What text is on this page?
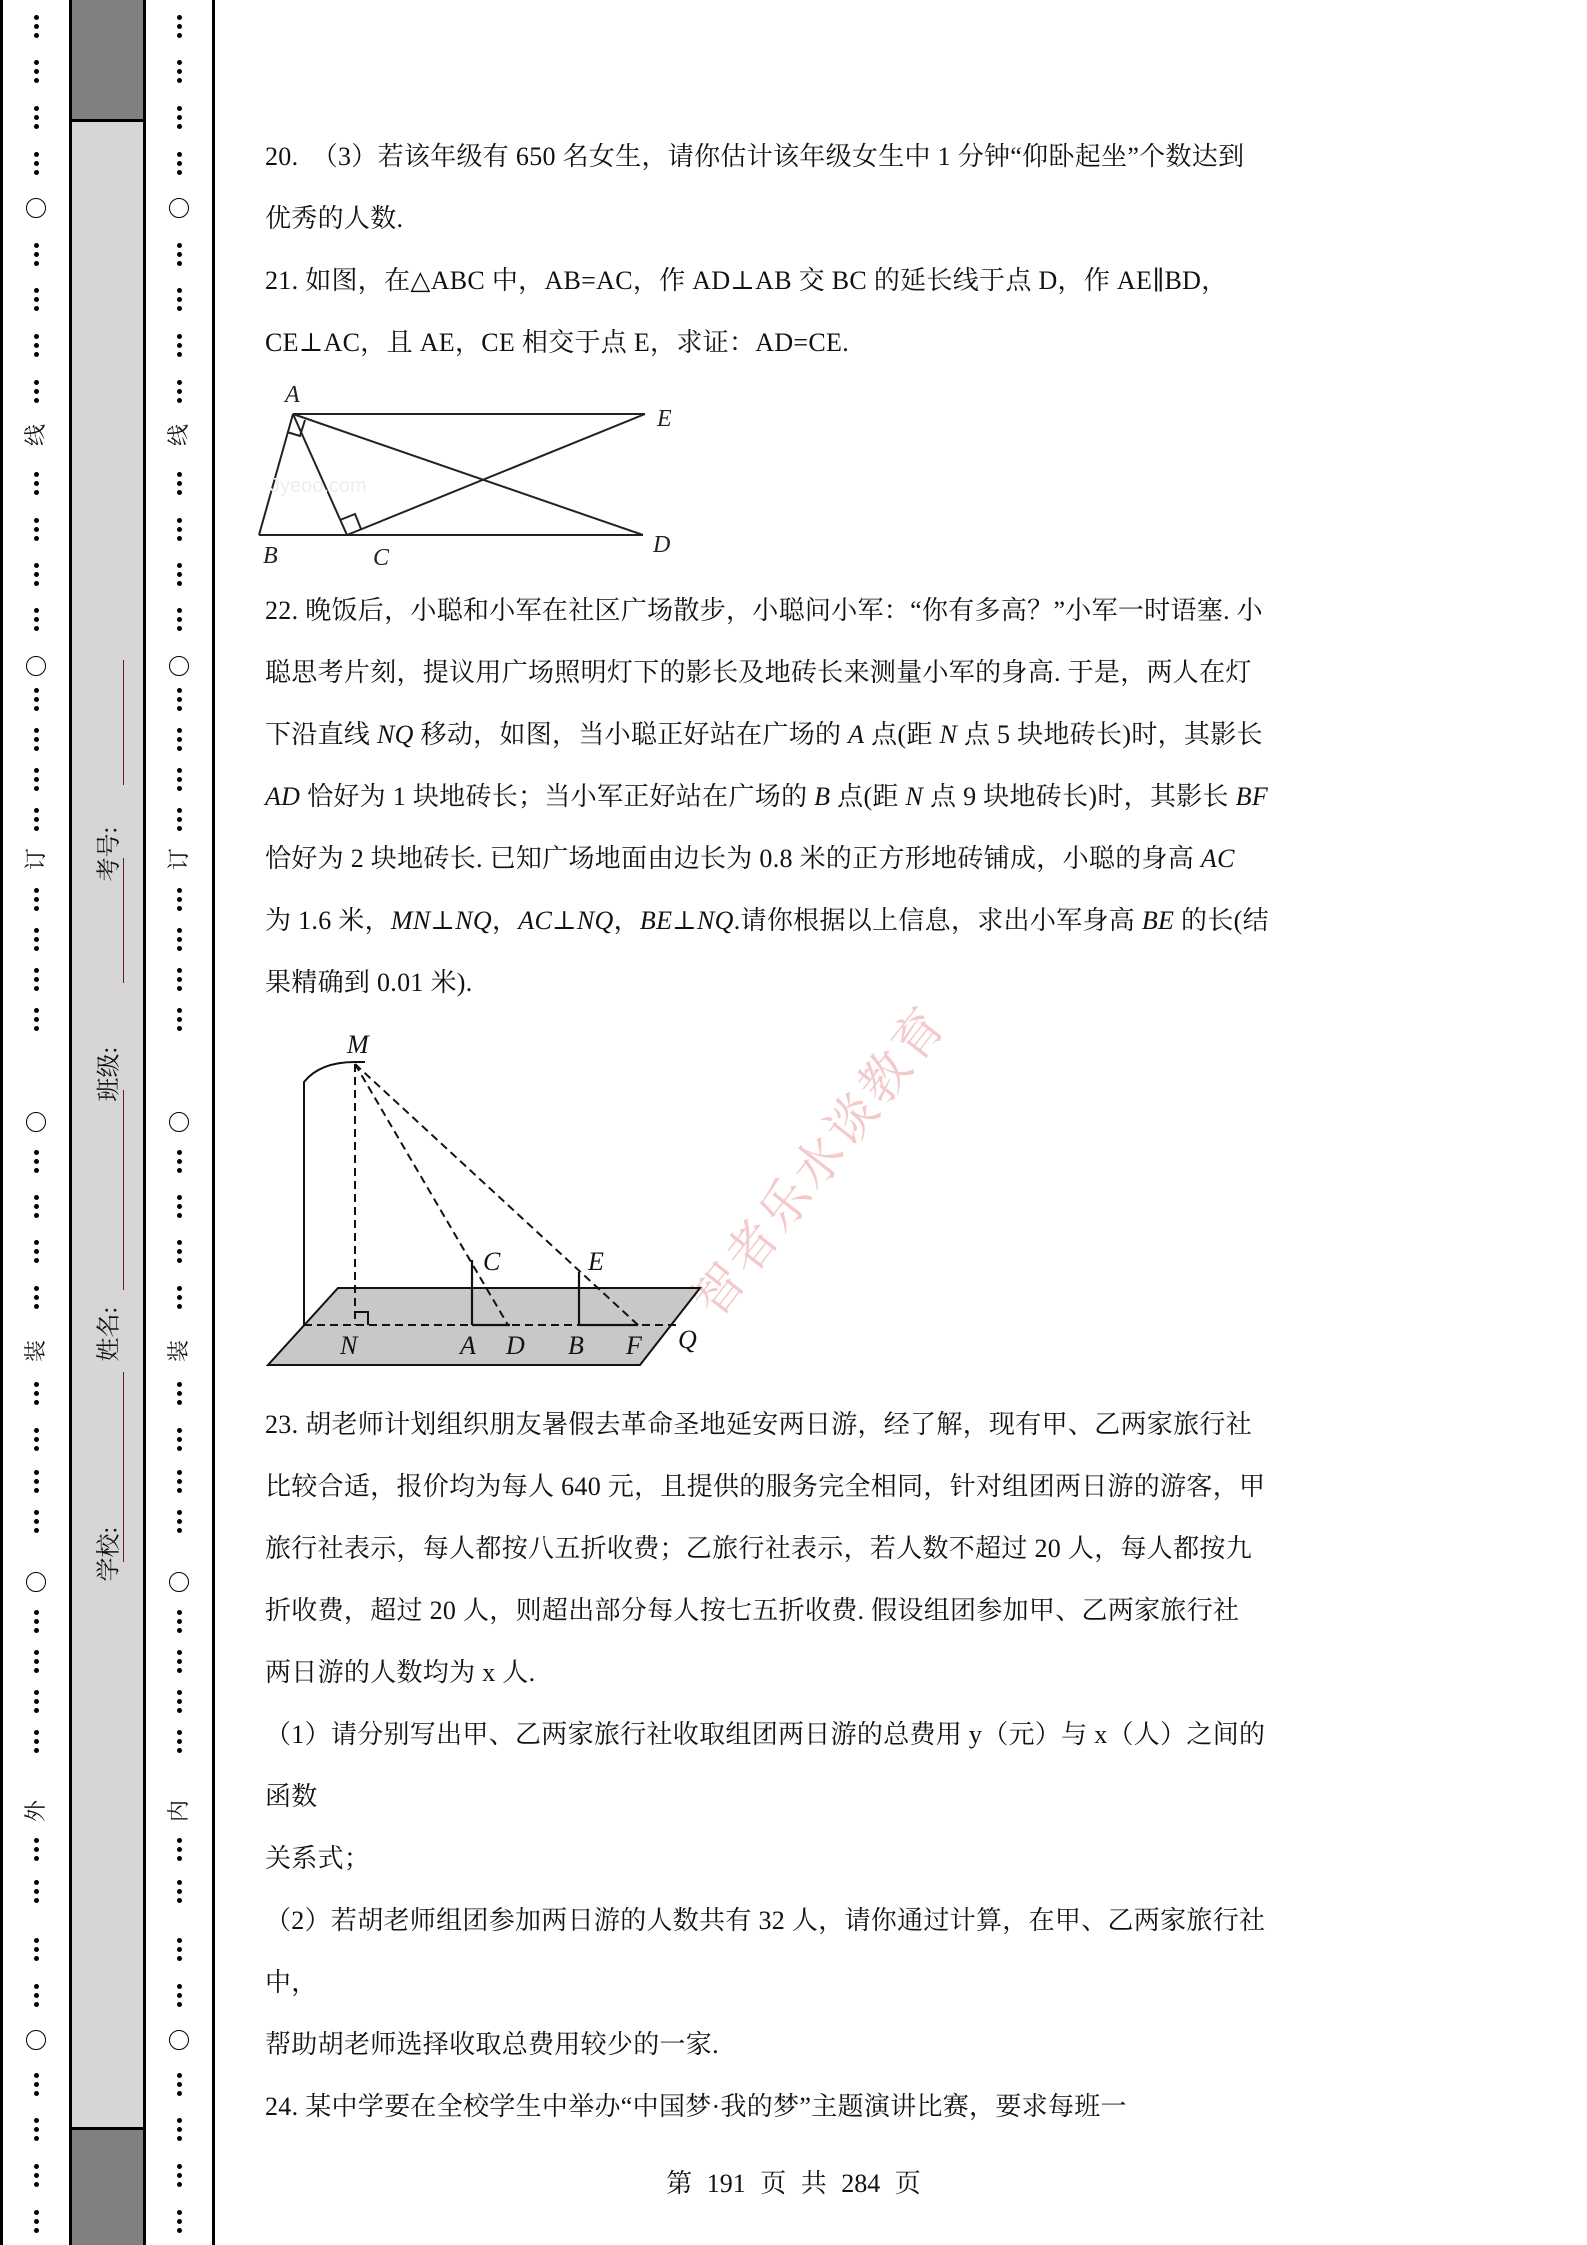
线
订
装
外
考号:
班级:
姓名:
学校:
线
订
装
内
智者乐水谈教育
20.　（3）若该年级有 650 名女生，请你估计该年级女生中 1 分钟“仰卧起坐”个数达到
优秀的人数.
21. 如图，在△ABC 中，AB=AC，作 AD⊥AB 交 BC 的延长线于点 D，作 AE∥BD，
CE⊥AC，且 AE，CE 相交于点 E，求证：AD=CE.
A
E
B	C	D
Jyeoo.com
22. 晚饭后，小聪和小军在社区广场散步，小聪问小军：“你有多高？”小军一时语塞. 小
聪思考片刻，提议用广场照明灯下的影长及地砖长来测量小军的身高. 于是，两人在灯
下沿直线 NQ 移动，如图，当小聪正好站在广场的 A 点(距 N 点 5 块地砖长)时，其影长
AD 恰好为 1 块地砖长；当小军正好站在广场的 B 点(距 N 点 9 块地砖长)时，其影长 BF
恰好为 2 块地砖长. 已知广场地面由边长为 0.8 米的正方形地砖铺成，小聪的身高 AC
为 1.6 米，MN⊥NQ，AC⊥NQ，BE⊥NQ.请你根据以上信息，求出小军身高 BE 的长(结
果精确到 0.01 米).
M
C	E
N	A D B F Q
23. 胡老师计划组织朋友暑假去革命圣地延安两日游，经了解，现有甲、乙两家旅行社
比较合适，报价均为每人 640 元，且提供的服务完全相同，针对组团两日游的游客，甲
旅行社表示，每人都按八五折收费；乙旅行社表示，若人数不超过 20 人，每人都按九
折收费，超过 20 人，则超出部分每人按七五折收费. 假设组团参加甲、乙两家旅行社
两日游的人数均为 x 人.
（1）请分别写出甲、乙两家旅行社收取组团两日游的总费用 y（元）与 x（人）之间的
函数
关系式；
（2）若胡老师组团参加两日游的人数共有 32 人，请你通过计算，在甲、乙两家旅行社
中，
帮助胡老师选择收取总费用较少的一家.
24. 某中学要在全校学生中举办“中国梦·我的梦”主题演讲比赛，要求每班一
第 191 页 共 284 页
